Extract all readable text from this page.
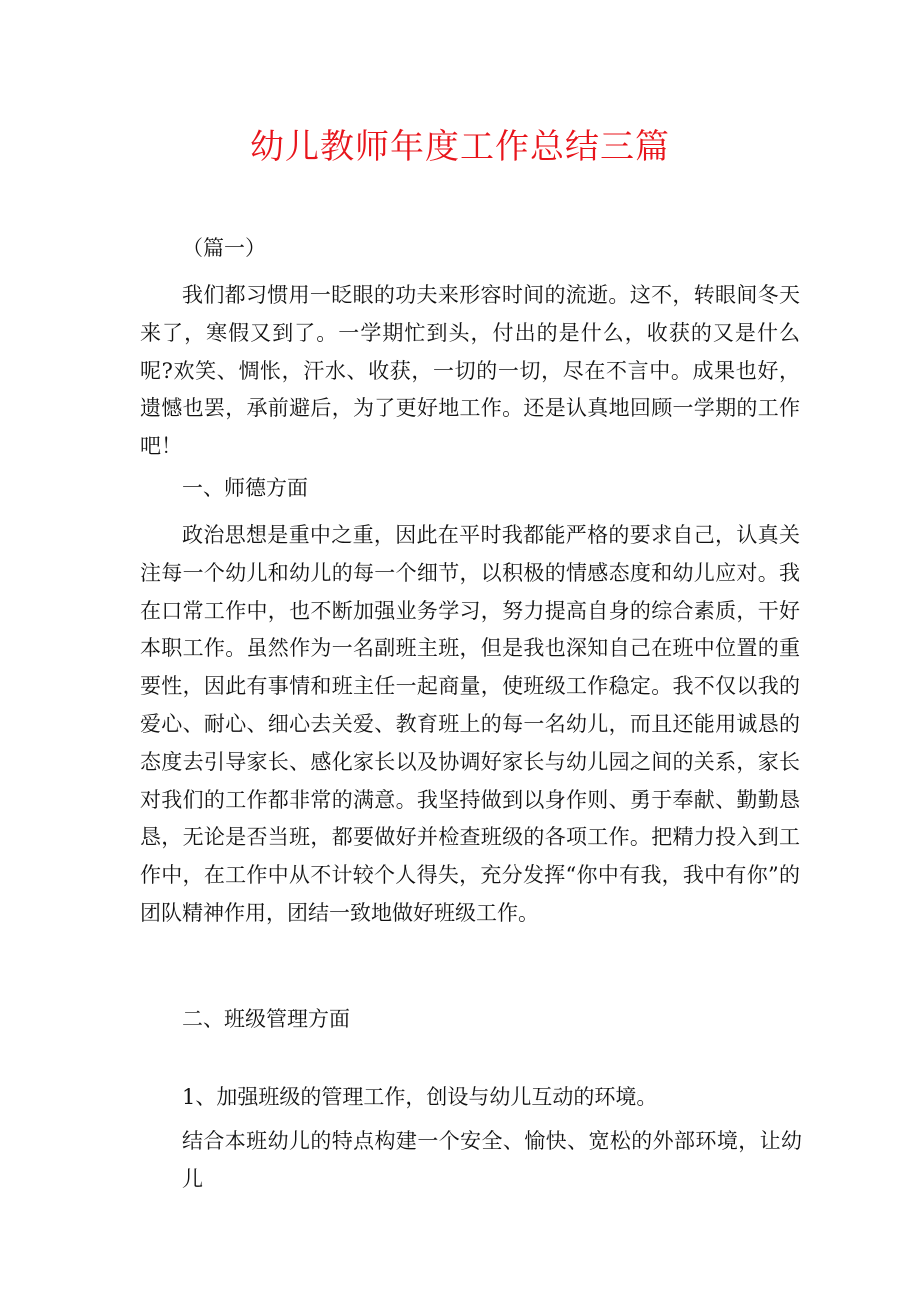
幼儿教师年度工作总结三篇

（篇一）

我们都习惯用一眨眼的功夫来形容时间的流逝。这不，转眼间冬天来了，寒假又到了。一学期忙到头，付出的是什么，收获的又是什么呢?欢笑、惆怅，汗水、收获，一切的一切，尽在不言中。成果也好，遗憾也罢，承前避后，为了更好地工作。还是认真地回顾一学期的工作吧！

一、师德方面

政治思想是重中之重，因此在平时我都能严格的要求自己，认真关注每一个幼儿和幼儿的每一个细节，以积极的情感态度和幼儿应对。我在口常工作中，也不断加强业务学习，努力提高自身的综合素质，干好本职工作。虽然作为一名副班主班，但是我也深知自己在班中位置的重要性，因此有事情和班主任一起商量，使班级工作稳定。我不仅以我的爱心、耐心、细心去关爱、教育班上的每一名幼儿，而且还能用诚恳的态度去引导家长、感化家长以及协调好家长与幼儿园之间的关系，家长对我们的工作都非常的满意。我坚持做到以身作则、勇于奉献、勤勤恳恳，无论是否当班，都要做好并检查班级的各项工作。把精力投入到工作中，在工作中从不计较个人得失，充分发挥“你中有我，我中有你”的团队精神作用，团结一致地做好班级工作。

二、班级管理方面

1、加强班级的管理工作，创设与幼儿互动的环境。

结合本班幼儿的特点构建一个安全、愉快、宽松的外部环境，让幼儿
